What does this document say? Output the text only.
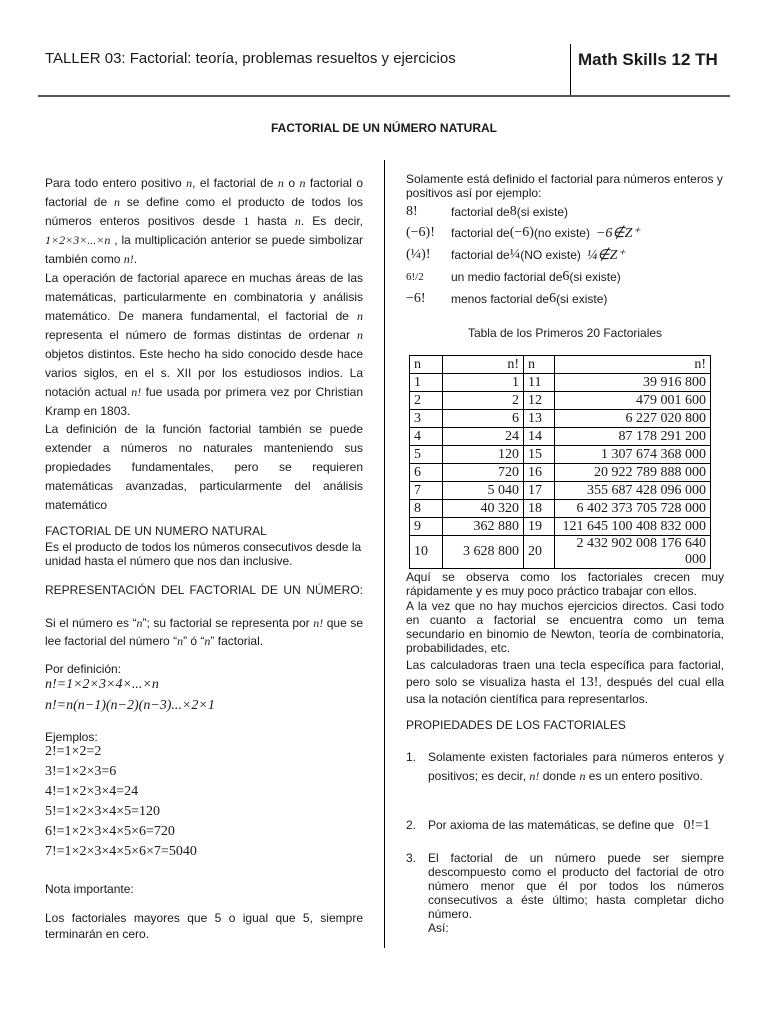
TALLER 03: Factorial: teoría, problemas resueltos y ejercicios	Math Skills 12 TH
FACTORIAL DE UN NÚMERO NATURAL
Para todo entero positivo n, el factorial de n o n factorial o factorial de n se define como el producto de todos los números enteros positivos desde 1 hasta n. Es decir, 1×2×3×...×n , la multiplicación anterior se puede simbolizar también como n!.
La operación de factorial aparece en muchas áreas de las matemáticas, particularmente en combinatoria y análisis matemático. De manera fundamental, el factorial de n representa el número de formas distintas de ordenar n objetos distintos. Este hecho ha sido conocido desde hace varios siglos, en el s. XII por los estudiosos indios. La notación actual n! fue usada por primera vez por Christian Kramp en 1803.
La definición de la función factorial también se puede extender a números no naturales manteniendo sus propiedades fundamentales, pero se requieren matemáticas avanzadas, particularmente del análisis matemático
FACTORIAL DE UN NUMERO NATURAL
Es el producto de todos los números consecutivos desde la unidad hasta el número que nos dan inclusive.
REPRESENTACIÓN DEL FACTORIAL DE UN NÚMERO:
Si el número es “n”; su factorial se representa por n! que se lee factorial del número “n” ó “n” factorial.
Por definición:
n!=1×2×3×4×...×n
n!=n(n−1)(n−2)(n−3)...×2×1
Ejemplos:
2!=1×2=2
3!=1×2×3=6
4!=1×2×3×4=24
5!=1×2×3×4×5=120
6!=1×2×3×4×5×6=720
7!=1×2×3×4×5×6×7=5040
Nota importante:
Los factoriales mayores que 5 o igual que 5, siempre terminarán en cero.
Solamente está definido el factorial para números enteros y positivos así por ejemplo:
8!	factorial de 8 (si existe)
(−6)!	factorial de (−6) (no existe) −6∉Z⁺
(¼)!	factorial de ¼ (NO existe) ¼∉Z⁺
6!/2	un medio factorial de 6 (si existe)
−6!	menos factorial de 6 (si existe)
Tabla de los Primeros 20 Factoriales
n	n!	n	n!
1	1	11	39 916 800
2	2	12	479 001 600
3	6	13	6 227 020 800
4	24	14	87 178 291 200
5	120	15	1 307 674 368 000
6	720	16	20 922 789 888 000
7	5 040	17	355 687 428 096 000
8	40 320	18	6 402 373 705 728 000
9	362 880	19	121 645 100 408 832 000
10	3 628 800	20	2 432 902 008 176 640 000
Aquí se observa como los factoriales crecen muy rápidamente y es muy poco práctico trabajar con ellos.
A la vez que no hay muchos ejercicios directos. Casi todo en cuanto a factorial se encuentra como un tema secundario en binomio de Newton, teoría de combinatoria, probabilidades, etc.
Las calculadoras traen una tecla específica para factorial, pero solo se visualiza hasta el 13!, después del cual ella usa la notación científica para representarlos.
PROPIEDADES DE LOS FACTORIALES
1. Solamente existen factoriales para números enteros y positivos; es decir, n! donde n es un entero positivo.
2. Por axioma de las matemáticas, se define que 0!=1
3. El factorial de un número puede ser siempre descompuesto como el producto del factorial de otro número menor que él por todos los números consecutivos a éste último; hasta completar dicho número.
Así:
